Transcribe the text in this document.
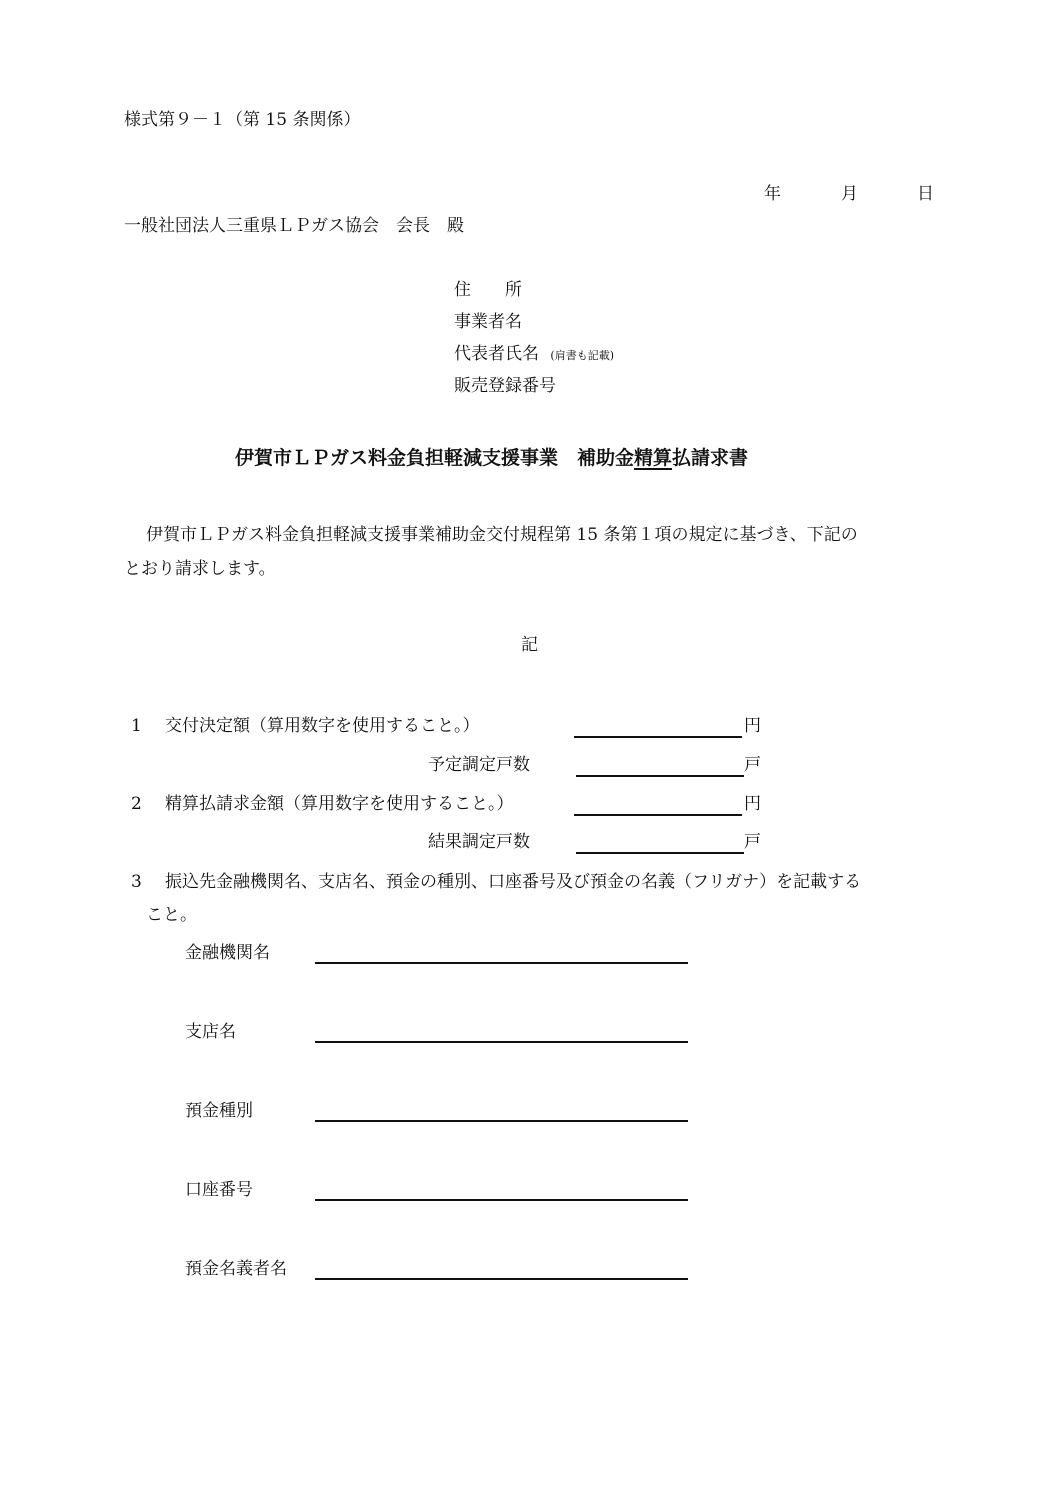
様式第９－１（第 15 条関係）
年	月	日
一般社団法人三重県ＬＰガス協会　会長　殿
住　　所
事業者名
代表者氏名 (肩書も記載)
販売登録番号
伊賀市ＬＰガス料金負担軽減支援事業　補助金精算払請求書
伊賀市ＬＰガス料金負担軽減支援事業補助金交付規程第 15 条第１項の規定に基づき、下記の
とおり請求します。
記
1 交付決定額（算用数字を使用すること。）	円
予定調定戸数	戸
2 精算払請求金額（算用数字を使用すること。）	円
結果調定戸数	戸
3 振込先金融機関名、支店名、預金の種別、口座番号及び預金の名義（フリガナ）を記載する
こと。
金融機関名
支店名
預金種別
口座番号
預金名義者名
